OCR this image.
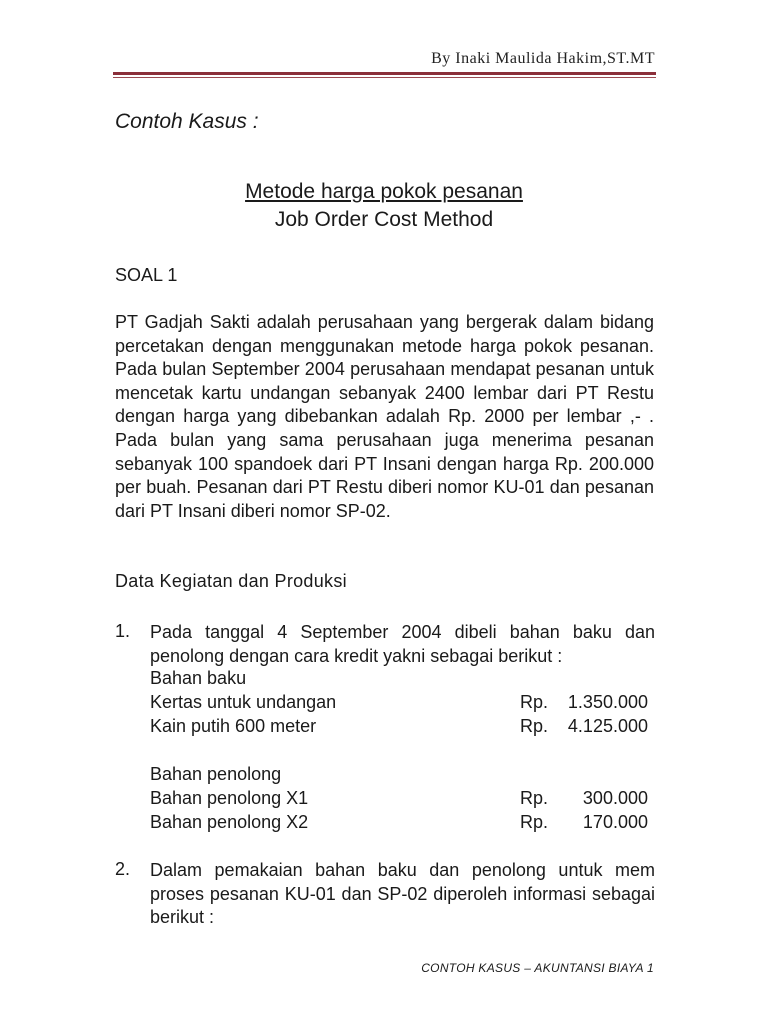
By Inaki Maulida Hakim,ST.MT
Contoh Kasus :
Metode harga pokok pesanan
Job Order Cost Method
SOAL 1

PT Gadjah Sakti adalah perusahaan yang bergerak dalam bidang percetakan dengan menggunakan metode harga pokok pesanan. Pada bulan September 2004 perusahaan mendapat pesanan untuk mencetak kartu undangan sebanyak 2400 lembar dari PT Restu dengan harga yang dibebankan adalah Rp. 2000 per lembar ,- . Pada bulan yang sama perusahaan juga menerima pesanan sebanyak 100 spandoek dari PT Insani dengan harga Rp. 200.000 per buah. Pesanan dari PT Restu diberi nomor KU-01 dan pesanan dari PT Insani diberi nomor SP-02.

Data Kegiatan dan Produksi
1. Pada tanggal 4 September 2004 dibeli bahan baku dan penolong dengan cara kredit yakni sebagai berikut :

Bahan baku
Kertas untuk undangan	Rp. 1.350.000
Kain putih 600 meter	Rp. 4.125.000
Bahan penolong
Bahan penolong X1	Rp. 300.000
Bahan penolong X2	Rp. 170.000
2. Dalam pemakaian bahan baku dan penolong untuk mem proses pesanan KU-01 dan SP-02 diperoleh informasi sebagai berikut :

CONTOH KASUS – AKUNTANSI BIAYA 1
